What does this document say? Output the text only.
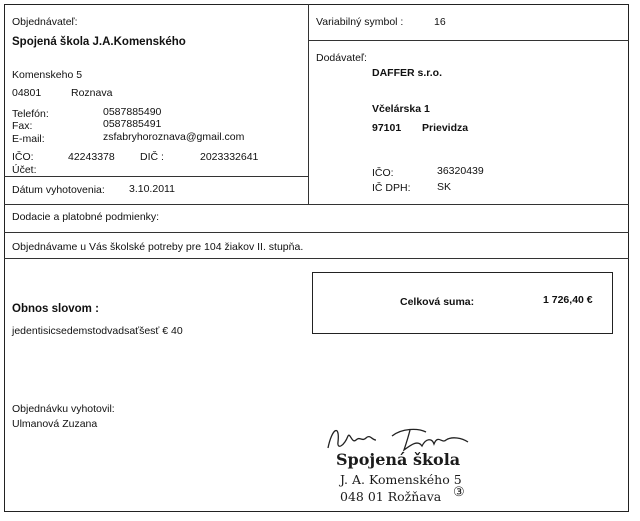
Objednávateľ:
Spojená škola J.A.Komenského
Komenskeho 5
04801	Roznava
Telefón:	0587885490
Fax:	0587885491
E-mail:	zsfabryhoroznava@gmail.com
IČO:	42243378 DIČ :	2023332641
Účet:
Dátum vyhotovenia: 3.10.2011
Variabilný symbol :	16
Dodávateľ:
DAFFER s.r.o.
Včelárska 1
97101 Prievidza
IČO:	36320439
IČ DPH:	SK
Dodacie a platobné podmienky:
Objednávame u Vás školské potreby pre 104 žiakov II. stupňa.
Celková suma:	1 726,40 €
Obnos slovom :
jedentisicsedemstodvadsaťšesť € 40
Objednávku vyhotovil:
Ulmanová Zuzana
Spojená škola
J. A. Komenského 5
048 01 Rožňava ③
